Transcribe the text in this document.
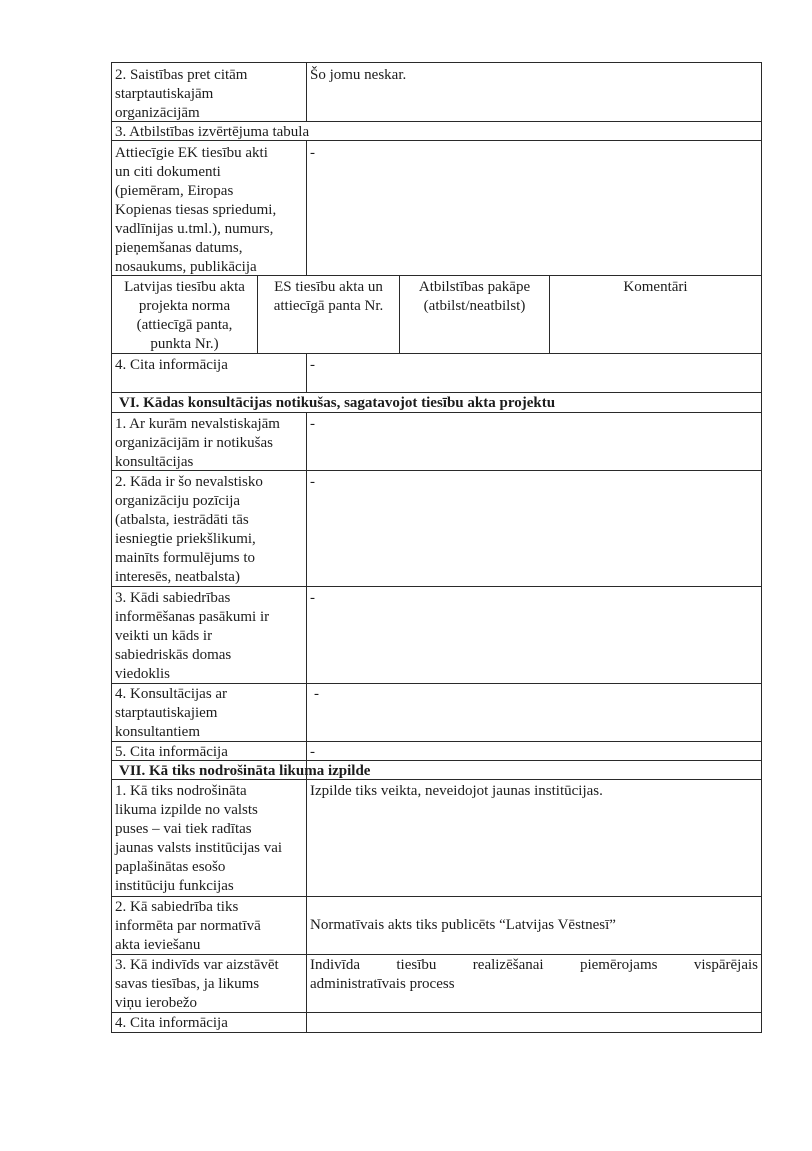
2. Saistības pret citām
starptautiskajām
organizācijām
Šo jomu neskar.
3. Atbilstības izvērtējuma tabula
Attiecīgie EK tiesību akti
un citi dokumenti
(piemēram, Eiropas
Kopienas tiesas spriedumi,
vadlīnijas u.tml.), numurs,
pieņemšanas datums,
nosaukums, publikācija
-
Latvijas tiesību akta
projekta norma
(attiecīgā panta,
punkta Nr.)
ES tiesību akta un
attiecīgā panta Nr.
Atbilstības pakāpe
(atbilst/neatbilst)
Komentāri
4. Cita informācija	-
VI. Kādas konsultācijas notikušas, sagatavojot tiesību akta projektu
1. Ar kurām nevalstiskajām
organizācijām ir notikušas
konsultācijas
-
2. Kāda ir šo nevalstisko
organizāciju pozīcija
(atbalsta, iestrādāti tās
iesniegtie priekšlikumi,
mainīts formulējums to
interesēs, neatbalsta)
-
3. Kādi sabiedrības
informēšanas pasākumi ir
veikti un kāds ir
sabiedriskās domas
viedoklis
-
4. Konsultācijas ar
starptautiskajiem
konsultantiem
-
5. Cita informācija	-
VII. Kā tiks nodrošināta likuma izpilde
1. Kā tiks nodrošināta
likuma izpilde no valsts
puses – vai tiek radītas
jaunas valsts institūcijas vai
paplašinātas esošo
institūciju funkcijas
Izpilde tiks veikta, neveidojot jaunas institūcijas.
2. Kā sabiedrība tiks
informēta par normatīvā
akta ieviešanu
Normatīvais akts tiks publicēts “Latvijas Vēstnesī”
3. Kā indivīds var aizstāvēt
savas tiesības, ja likums
viņu ierobežo
Indivīda tiesību realizēšanai piemērojams vispārējais
administratīvais process
4. Cita informācija
